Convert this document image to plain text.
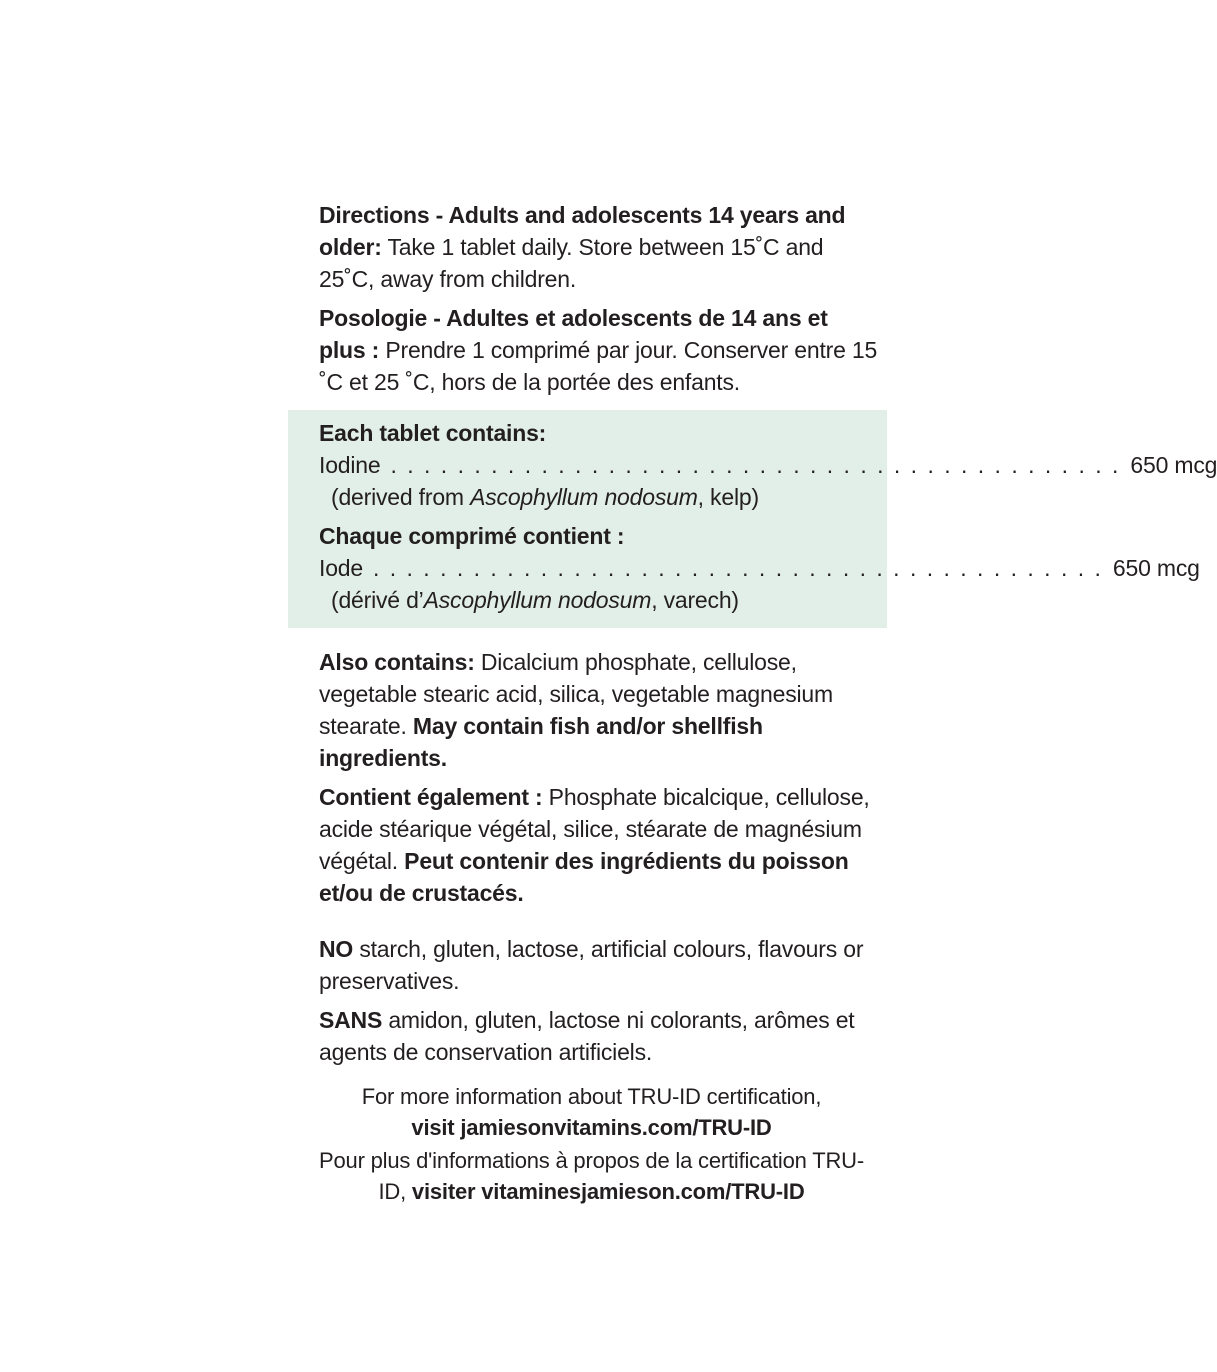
Directions - Adults and adolescents 14 years and older: Take 1 tablet daily. Store between 15˚C and 25˚C, away from children.

Posologie - Adultes et adolescents de 14 ans et plus : Prendre 1 comprimé par jour. Conserver entre 15 ˚C et 25 ˚C, hors de la portée des enfants.

Each tablet contains:
Iodine . . . . . . . . . . . . . . . . . . . . . . . . . . . . . . . . . . . . . . . . . . . . 650 mcg
(derived from Ascophyllum nodosum, kelp)
Chaque comprimé contient :
Iode . . . . . . . . . . . . . . . . . . . . . . . . . . . . . . . . . . . . . . . . . . . . 650 mcg
(dérivé d’Ascophyllum nodosum, varech)

Also contains: Dicalcium phosphate, cellulose, vegetable stearic acid, silica, vegetable magnesium stearate. May contain fish and/or shellfish ingredients.

Contient également : Phosphate bicalcique, cellulose, acide stéarique végétal, silice, stéarate de magnésium végétal. Peut contenir des ingrédients du poisson et/ou de crustacés.

NO starch, gluten, lactose, artificial colours, flavours or preservatives.

SANS amidon, gluten, lactose ni colorants, arômes et agents de conservation artificiels.

For more information about TRU-ID certification,
visit jamiesonvitamins.com/TRU-ID

Pour plus d'informations à propos de la certification TRU-ID, visiter vitaminesjamieson.com/TRU-ID
